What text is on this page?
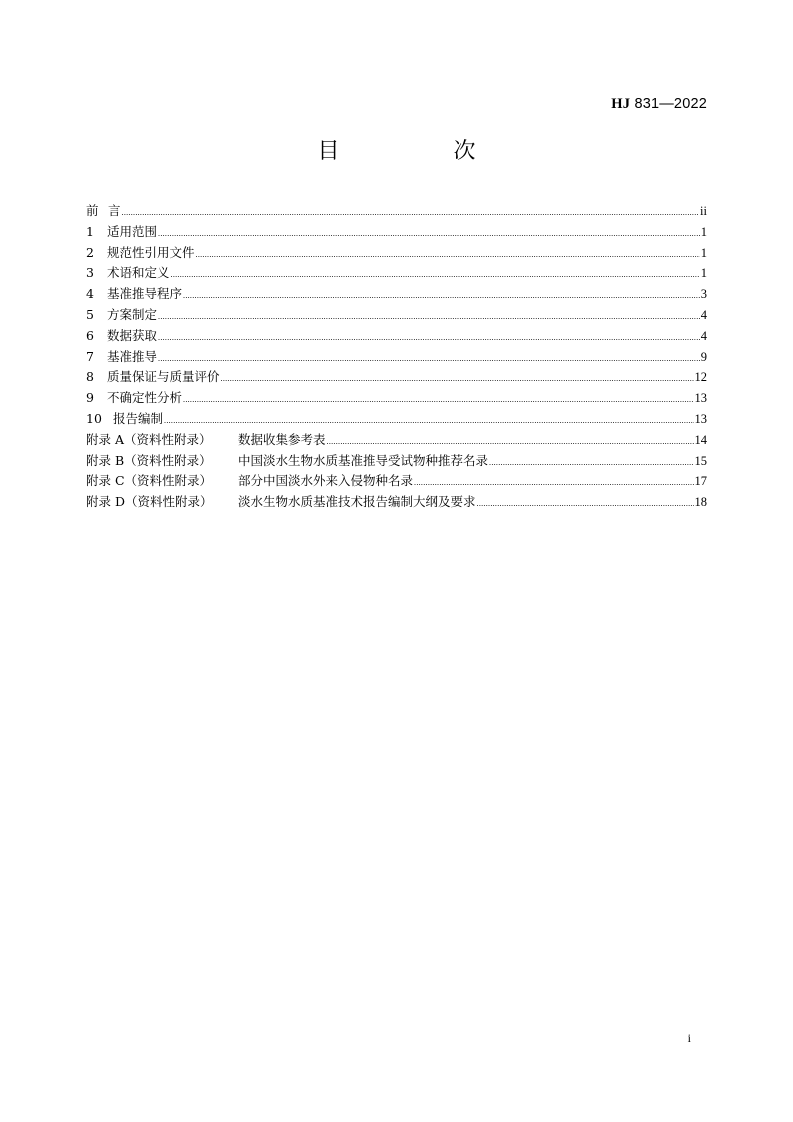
HJ 831—2022
目　次
前 言 .....	ii
1	适用范围 .....	1
2	规范性引用文件 .....	1
3	术语和定义 .....	1
4	基准推导程序 .....	3
5	方案制定 .....	4
6	数据获取 .....	4
7	基准推导 .....	9
8	质量保证与质量评价 .....	12
9	不确定性分析 .....	13
10 报告编制 .....	13
附录 A（资料性附录）	数据收集参考表 .....	14
附录 B（资料性附录）	中国淡水生物水质基准推导受试物种推荐名录 .....	15
附录 C（资料性附录）	部分中国淡水外来入侵物种名录 .....	17
附录 D（资料性附录）	淡水生物水质基准技术报告编制大纲及要求 .....	18
i
